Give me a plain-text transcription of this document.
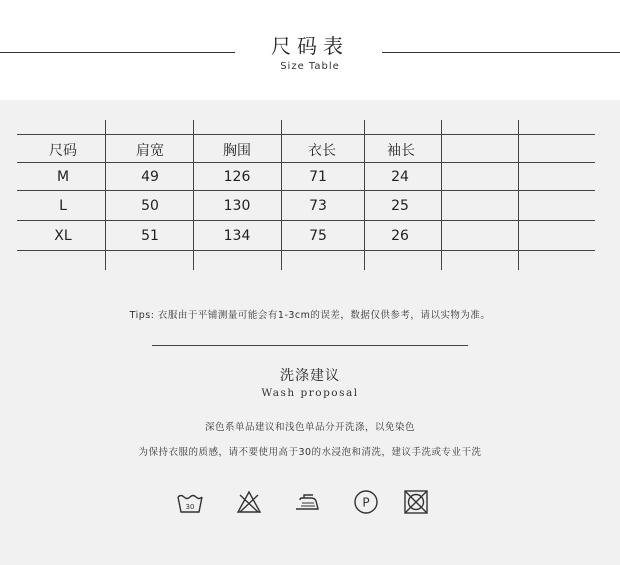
尺码表
Size Table
尺码	肩宽	胸围	衣长	袖长
M	49	126	71	24
L	50	130	73	25
XL	51	134	75	26
Tips: 衣服由于平铺测量可能会有1-3cm的误差，数据仅供参考，请以实物为准。
洗涤建议
Wash proposal
深色系单品建议和浅色单品分开洗涤，以免染色
为保持衣服的质感，请不要使用高于30的水浸泡和清洗，建议手洗或专业干洗
30	P
